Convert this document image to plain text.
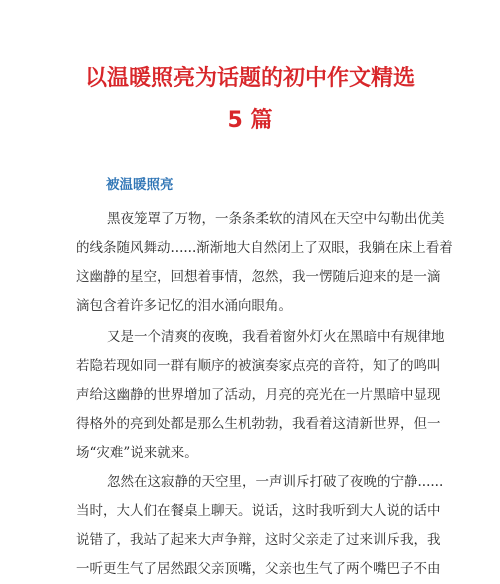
以温暖照亮为话题的初中作文精选
5 篇
被温暖照亮

黑夜笼罩了万物，一条条柔软的清风在天空中勾勒出优美
的线条随风舞动......渐渐地大自然闭上了双眼，我躺在床上看着
这幽静的星空，回想着事情，忽然，我一愣随后迎来的是一滴
滴包含着许多记忆的泪水涌向眼角。

又是一个清爽的夜晚，我看着窗外灯火在黑暗中有规律地
若隐若现如同一群有顺序的被演奏家点亮的音符，知了的鸣叫
声给这幽静的世界增加了活动，月亮的亮光在一片黑暗中显现
得格外的亮到处都是那么生机勃勃，我看着这清新世界，但一
场“灾难”说来就来。

忽然在这寂静的天空里，一声训斥打破了夜晚的宁静......
当时，大人们在餐桌上聊天。说话，这时我听到大人说的话中
说错了，我站了起来大声争辩，这时父亲走了过来训斥我，我
一听更生气了居然跟父亲顶嘴，父亲也生气了两个嘴巴子不由
